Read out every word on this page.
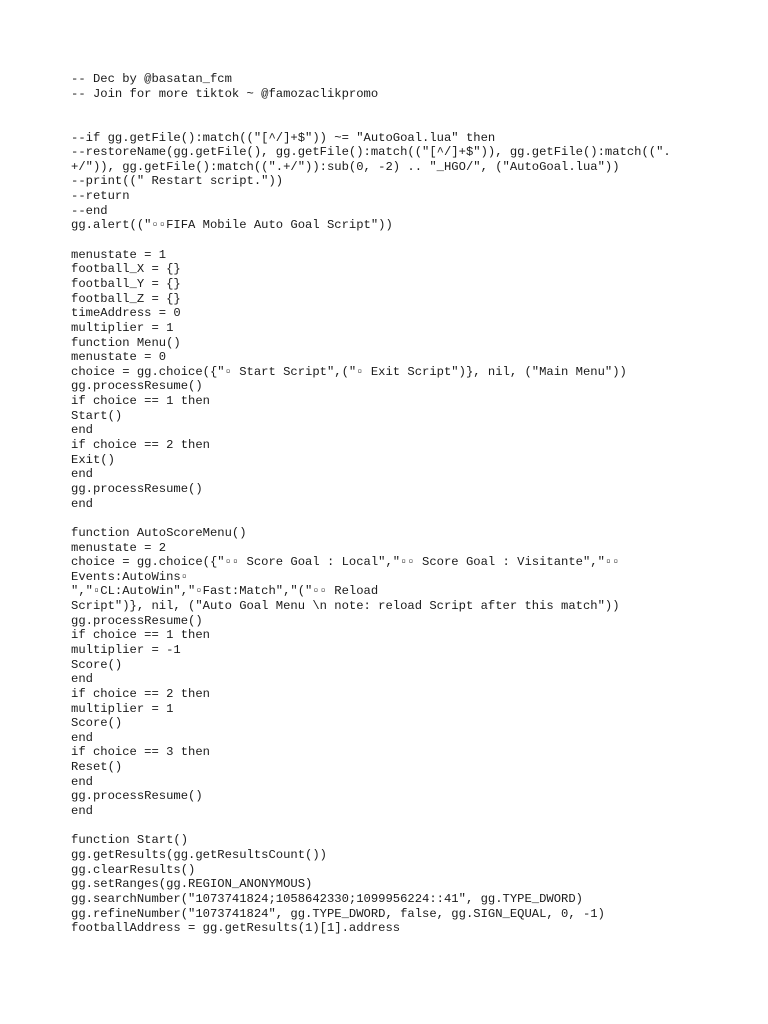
-- Dec by @basatan_fcm
-- Join for more tiktok ~ @famozaclikpromo
--if gg.getFile():match(("[^/]+$")) ~= "AutoGoal.lua" then
--restoreName(gg.getFile(), gg.getFile():match(("[^/]+$")), gg.getFile():match((".
+/")), gg.getFile():match((".+/")):sub(0, -2) .. "_HGO/", ("AutoGoal.lua"))
--print((" Restart script."))
--return
--end
gg.alert(("▫▫FIFA Mobile Auto Goal Script"))
menustate = 1
football_X = {}
football_Y = {}
football_Z = {}
timeAddress = 0
multiplier = 1
function Menu()
menustate = 0
choice = gg.choice({"▫ Start Script",("▫ Exit Script")}, nil, ("Main Menu"))
gg.processResume()
if choice == 1 then
Start()
end
if choice == 2 then
Exit()
end
gg.processResume()
end
function AutoScoreMenu()
menustate = 2
choice = gg.choice({"▫▫ Score Goal : Local","▫▫ Score Goal : Visitante","▫▫
Events:AutoWins▫
","▫CL:AutoWin","▫Fast:Match","("▫▫ Reload
Script")}, nil, ("Auto Goal Menu \n note: reload Script after this match"))
gg.processResume()
if choice == 1 then
multiplier = -1
Score()
end
if choice == 2 then
multiplier = 1
Score()
end
if choice == 3 then
Reset()
end
gg.processResume()
end
function Start()
gg.getResults(gg.getResultsCount())
gg.clearResults()
gg.setRanges(gg.REGION_ANONYMOUS)
gg.searchNumber("1073741824;1058642330;1099956224::41", gg.TYPE_DWORD)
gg.refineNumber("1073741824", gg.TYPE_DWORD, false, gg.SIGN_EQUAL, 0, -1)
footballAddress = gg.getResults(1)[1].address
